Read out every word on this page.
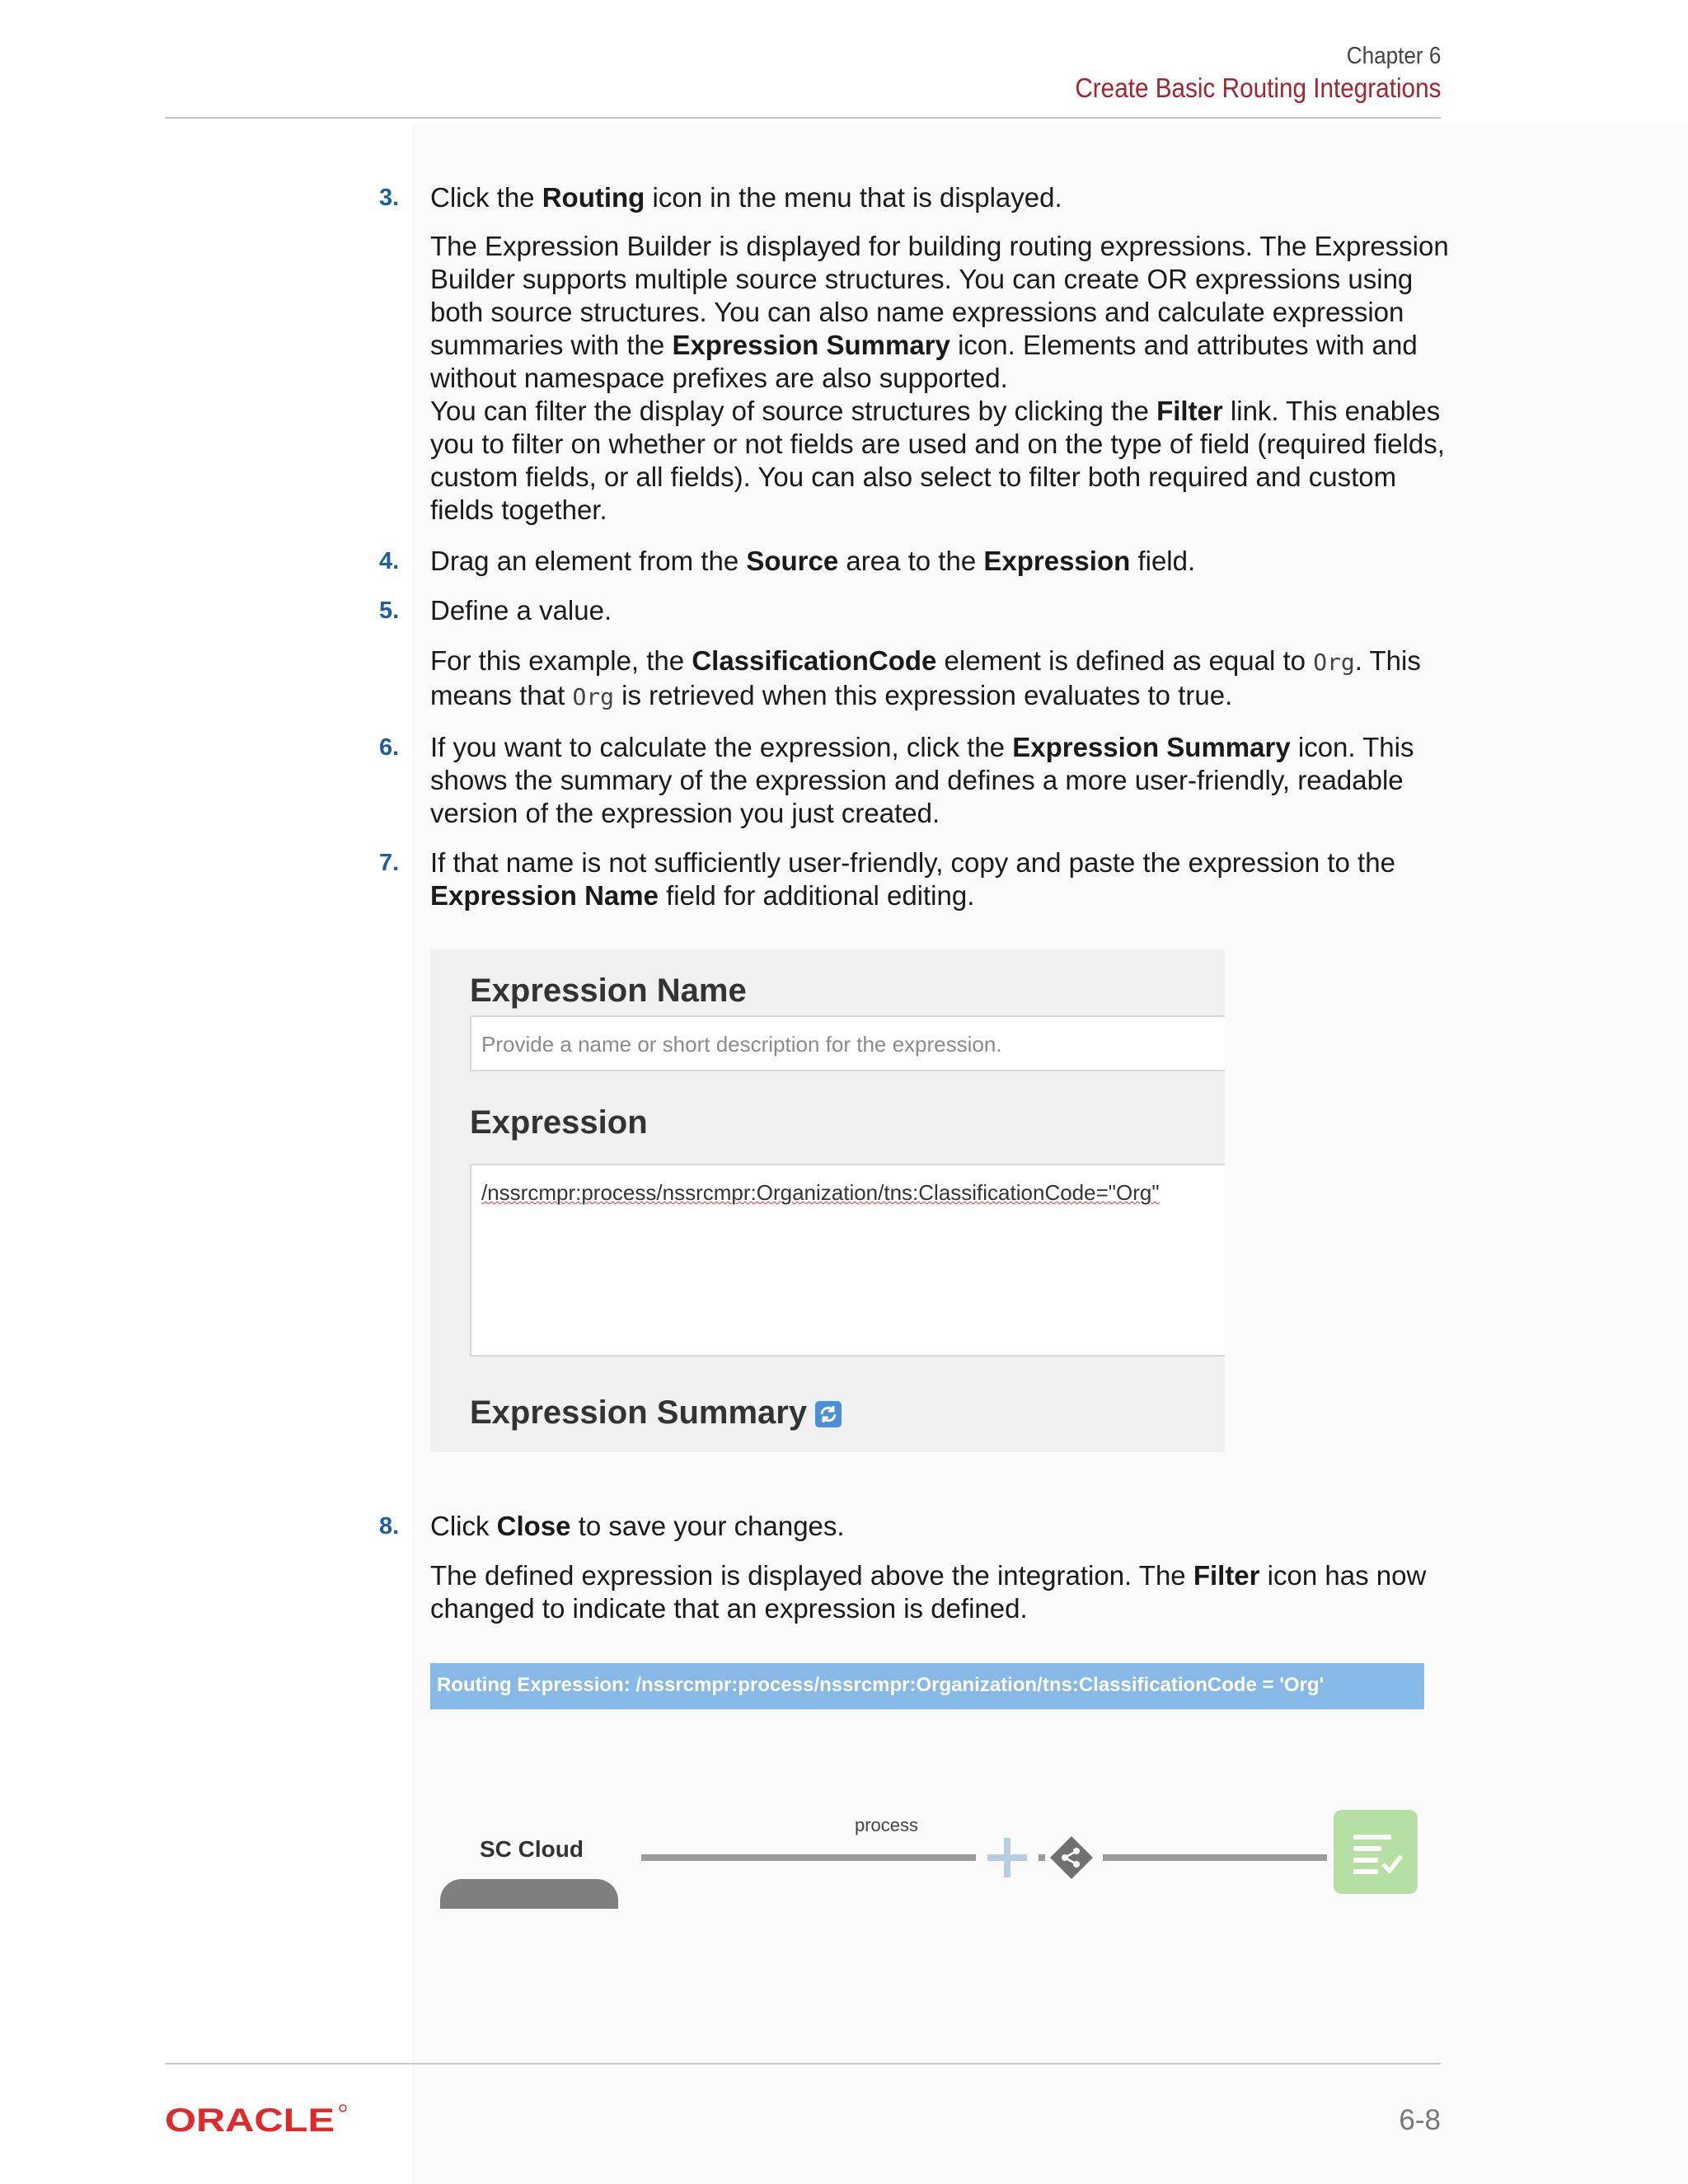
Chapter 6
Create Basic Routing Integrations
3.	Click the Routing icon in the menu that is displayed.
The Expression Builder is displayed for building routing expressions. The Expression Builder supports multiple source structures. You can create OR expressions using both source structures. You can also name expressions and calculate expression summaries with the Expression Summary icon. Elements and attributes with and without namespace prefixes are also supported.
You can filter the display of source structures by clicking the Filter link. This enables you to filter on whether or not fields are used and on the type of field (required fields, custom fields, or all fields). You can also select to filter both required and custom fields together.
4.	Drag an element from the Source area to the Expression field.
5.	Define a value.
For this example, the ClassificationCode element is defined as equal to Org. This means that Org is retrieved when this expression evaluates to true.
6.	If you want to calculate the expression, click the Expression Summary icon. This shows the summary of the expression and defines a more user-friendly, readable version of the expression you just created.
7.	If that name is not sufficiently user-friendly, copy and paste the expression to the Expression Name field for additional editing.
Expression Name
Provide a name or short description for the expression.
Expression
/nssrcmpr:process/nssrcmpr:Organization/tns:ClassificationCode="Org"
Expression Summary
8.	Click Close to save your changes.
The defined expression is displayed above the integration. The Filter icon has now changed to indicate that an expression is defined.
Routing Expression: /nssrcmpr:process/nssrcmpr:Organization/tns:ClassificationCode = 'Org'
SC Cloud
process
ORACLE	6-8
